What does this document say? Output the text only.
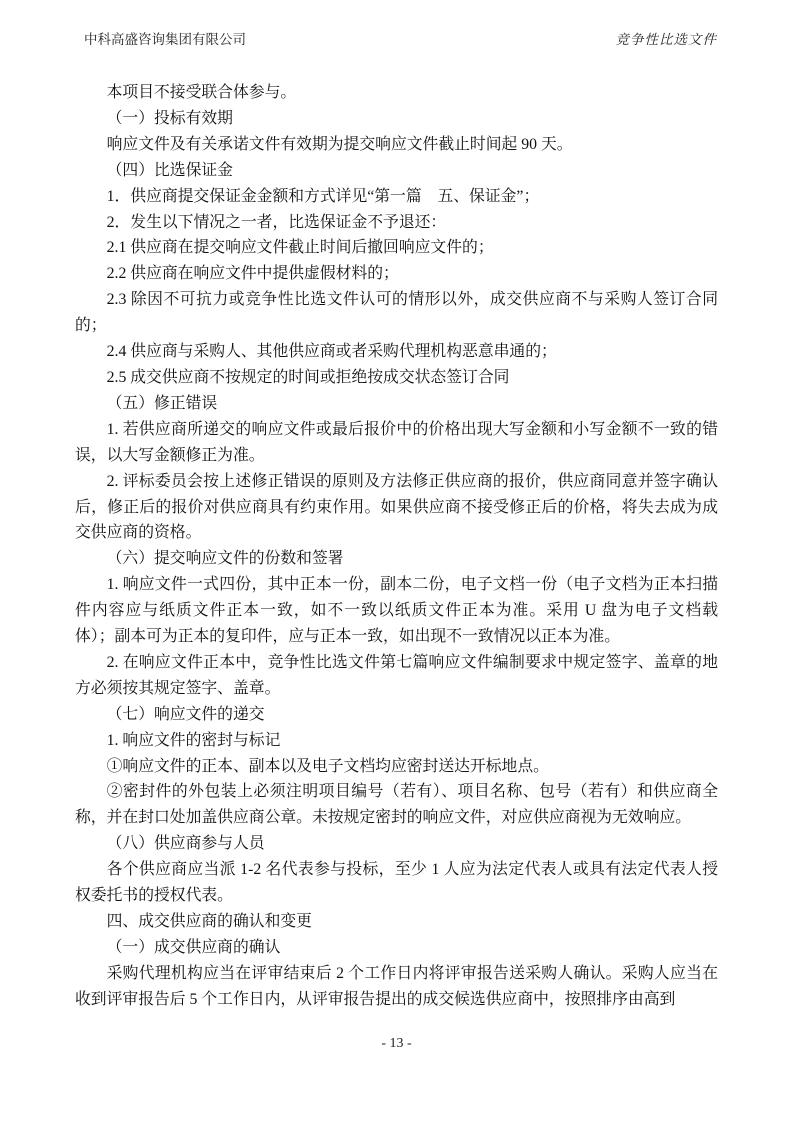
中科高盛咨询集团有限公司	竞争性比选文件

本项目不接受联合体参与。

（一）投标有效期

响应文件及有关承诺文件有效期为提交响应文件截止时间起 90 天。

（四）比选保证金

1．供应商提交保证金金额和方式详见“第一篇　五、保证金”；

2．发生以下情况之一者，比选保证金不予退还：

2.1 供应商在提交响应文件截止时间后撤回响应文件的；

2.2 供应商在响应文件中提供虚假材料的；

2.3 除因不可抗力或竞争性比选文件认可的情形以外，成交供应商不与采购人签订合同的；

2.4 供应商与采购人、其他供应商或者采购代理机构恶意串通的；

2.5 成交供应商不按规定的时间或拒绝按成交状态签订合同

（五）修正错误

1. 若供应商所递交的响应文件或最后报价中的价格出现大写金额和小写金额不一致的错误，以大写金额修正为准。

2. 评标委员会按上述修正错误的原则及方法修正供应商的报价，供应商同意并签字确认后，修正后的报价对供应商具有约束作用。如果供应商不接受修正后的价格，将失去成为成交供应商的资格。

（六）提交响应文件的份数和签署

1. 响应文件一式四份，其中正本一份，副本二份，电子文档一份（电子文档为正本扫描件内容应与纸质文件正本一致，如不一致以纸质文件正本为准。采用 U 盘为电子文档载体）；副本可为正本的复印件，应与正本一致，如出现不一致情况以正本为准。

2. 在响应文件正本中，竞争性比选文件第七篇响应文件编制要求中规定签字、盖章的地方必须按其规定签字、盖章。

（七）响应文件的递交

1. 响应文件的密封与标记

①响应文件的正本、副本以及电子文档均应密封送达开标地点。

②密封件的外包装上必须注明项目编号（若有）、项目名称、包号（若有）和供应商全称，并在封口处加盖供应商公章。未按规定密封的响应文件，对应供应商视为无效响应。

（八）供应商参与人员

各个供应商应当派 1-2 名代表参与投标，至少 1 人应为法定代表人或具有法定代表人授权委托书的授权代表。

四、成交供应商的确认和变更

（一）成交供应商的确认

采购代理机构应当在评审结束后 2 个工作日内将评审报告送采购人确认。采购人应当在收到评审报告后 5 个工作日内，从评审报告提出的成交候选供应商中，按照排序由高到

- 13 -
